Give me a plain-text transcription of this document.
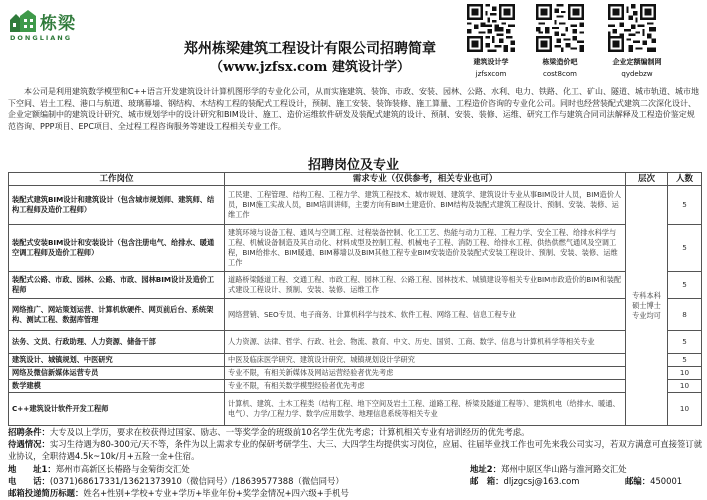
栋梁
DONGLIANG
郑州栋梁建筑工程设计有限公司招聘简章
（www.jzfsx.com 建筑设计学）	建筑设计学
jzfsxcom
栋梁造价吧
cost8com
企业定额编制网
qydebzw

本公司是利用建筑数学模型和C++语言开发建筑设计计算机图形学的专业化公司，从而实施建筑、装饰、市政、安装、园林、公路、水利、电力、铁路、化工、矿山、隧道、城市轨道、城市地下空间、岩土工程、港口与航道、玻璃幕墙、钢结构、木结构工程的装配式工程设计，预制、施工安装、装饰装修、施工算量、工程造价咨询的专业化公司。同时也经营装配式建筑二次深化设计、企业定额编制中的建筑设计研究、城市规划学中的设计研究和BIM设计、施工、造价运维软件研发及装配式建筑的设计、预制、安装、装修、运维、研究工作与建筑合同司法解释及工程造价鉴定规范咨询、PPP项目、EPC项目、全过程工程咨询服务等建设工程相关专业工作。

招聘岗位及专业
工作岗位	需求专业（仅供参考，相关专业也可）	层次	人数
装配式建筑BIM设计和建筑设计（包含城市规划师、建筑师、结构工程师及造价工程师）	工民建、工程管理、结构工程、工程力学、建筑工程技术、城市规划、建筑学、建筑设计专业从事BIM设计人员，BIM造价人员，BIM施工实战人员，BIM培训讲师，主要方向有BIM土建造价、BIM结构及装配式建筑工程设计、预制、安装、装修、运维工作	专科本科硕士博士专业均可	5
装配式安装BIM设计和安装设计（包含注册电气、给排水、暖通空调工程师及造价工程师）	建筑环境与设备工程、通风与空调工程、过程装备控制、化工工艺、热能与动力工程、工程力学、安全工程、给排水科学与工程、机械设备制造及其自动化、材料成型及控制工程、机械电子工程、消防工程、给排水工程、供热供燃气通风及空调工程，BIM给排水、BIM暖通、BIM幕墙以及BIM其他工程专业BIM安装造价及装配式安装工程设计、预制、安装、装修、运维工作		5
装配式公路、市政、园林、公路、市政、园林BIM设计及造价工程师	道路桥梁隧道工程、交通工程、市政工程、园林工程、公路工程、园林技术、城镇建设等相关专业BIM市政造价的BIM和装配式建设工程设计、预制、安装、装修、运维工作		5
网络推广、网站策划运营、计算机软硬件、网页前后台、系统架构、测试工程、数据库管理	网络营销、SEO专员、电子商务、计算机科学与技术、软件工程、网络工程、信息工程专业		8
法务、文员、行政助理、人力资源、储备干部	人力资源、法律、哲学、行政、社会、物流、教育、中文、历史、国贸、工商、数学、信息与计算机科学等相关专业		5
建筑设计、城镇规划、中医研究	中医及临床医学研究、建筑设计研究、城镇规划设计学研究		5
网络及微信新媒体运营专员	专业不限，有相关新媒体及网站运营经验者优先考虑		10
数学建模	专业不限，有相关数学模型经验者优先考虑		10
C++建筑设计软件开发工程师	计算机、建筑、土木工程类（结构工程、地下空间及岩土工程、道路工程、桥梁及隧道工程等）、建筑机电（给排水、暖通、电气）、力学/工程力学、数学/应用数学、地理信息系统等相关专业		10
招聘条件：大专及以上学历，要求在校获得过国家、励志、一等奖学金的班级前10名学生优先考虑；计算机相关专业有培训经历的优先考虑。
待遇情况：实习生待遇为80-300元/天不等，条件为以上需求专业的保研考研学生、大三、大四学生均提供实习岗位，应届、往届毕业找工作也可先来我公司实习，若双方满意可直接签订就业协议，全职待遇4.5k~10k/月+五险一金+住宿。
地　　址1：郑州市高新区长椿路与金菊街交汇处	地址2：郑州中原区华山路与淮河路交汇处
电　　话：(0371)68617331/13621373910（微信同号）/18639577388（微信同号）	邮　箱：dljzgcsj@163.com	邮编：450001
邮箱投递简历标题：姓名+性别+学校+专业+学历+毕业年份+奖学金情况+四六级+手机号
